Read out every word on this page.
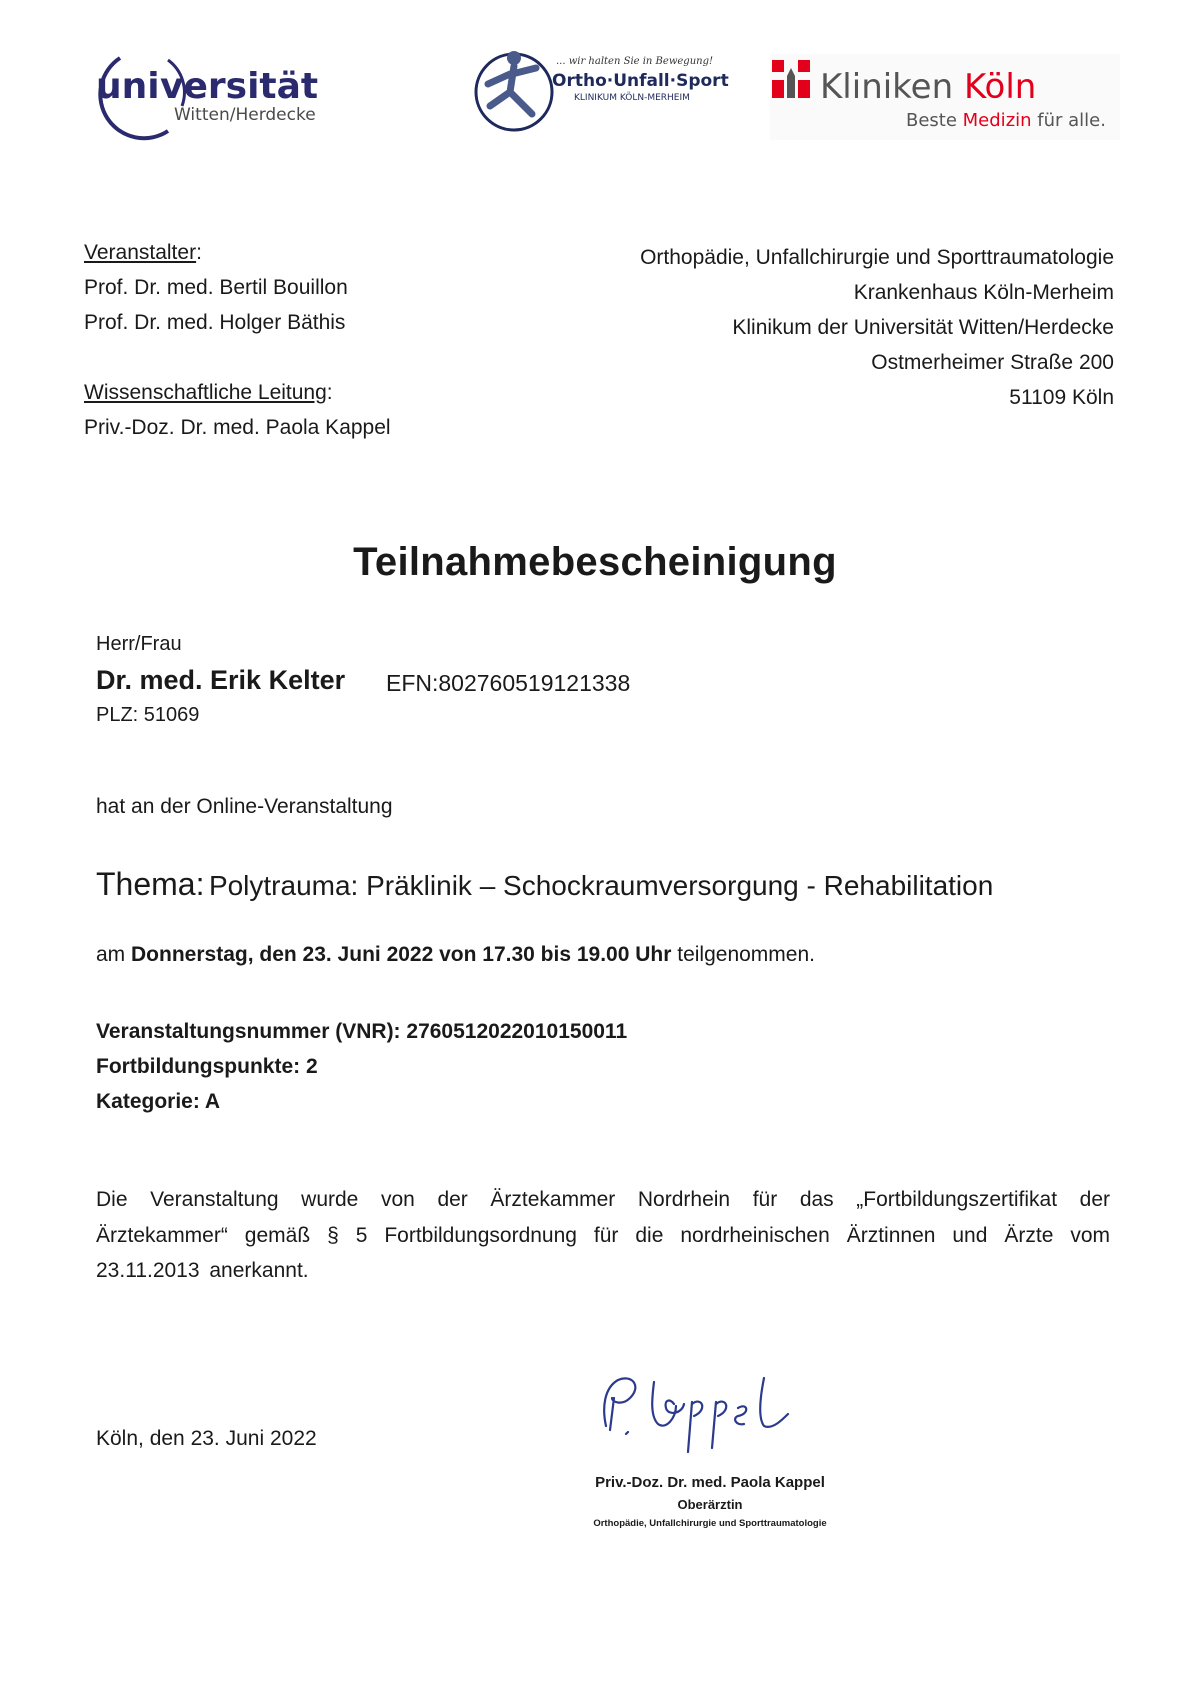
uni versität
Witten/Herdecke
... wir halten Sie in Bewegung!
Ortho·Unfall·Sport
KLINIKUM KÖLN-MERHEIM	Kliniken Köln
Beste Medizin für alle.
Veranstalter:
Prof. Dr. med. Bertil Bouillon
Prof. Dr. med. Holger Bäthis
Wissenschaftliche Leitung:
Priv.-Doz. Dr. med. Paola Kappel
Orthopädie, Unfallchirurgie und Sporttraumatologie
Krankenhaus Köln-Merheim
Klinikum der Universität Witten/Herdecke
Ostmerheimer Straße 200
51109 Köln
Teilnahmebescheinigung
Herr/Frau
Dr. med. Erik Kelter EFN:802760519121338
PLZ: 51069
hat an der Online-Veranstaltung
Thema: Polytrauma: Präklinik – Schockraumversorgung - Rehabilitation
am Donnerstag, den 23. Juni 2022 von 17.30 bis 19.00 Uhr teilgenommen.
Veranstaltungsnummer (VNR): 2760512022010150011
Fortbildungspunkte: 2
Kategorie: A
Die Veranstaltung wurde von der Ärztekammer Nordrhein für das „Fortbildungszertifikat der Ärztekammer“ gemäß § 5 Fortbildungsordnung für die nordrheinischen Ärztinnen und Ärzte vom 23.11.2013 anerkannt.
Köln, den 23. Juni 2022
Priv.-Doz. Dr. med. Paola Kappel
Oberärztin
Orthopädie, Unfallchirurgie und Sporttraumatologie
